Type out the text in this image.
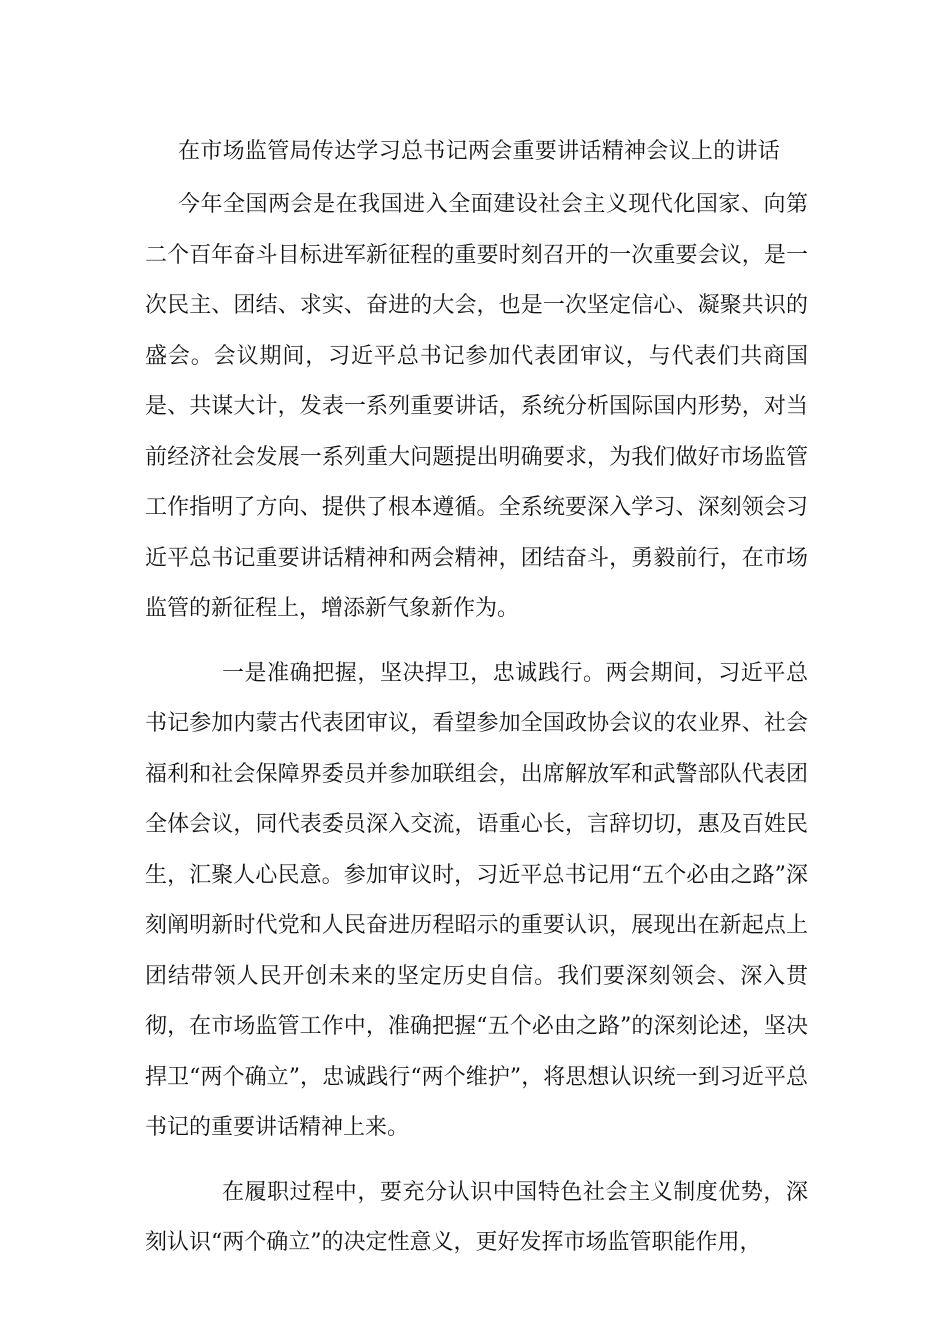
在市场监管局传达学习总书记两会重要讲话精神会议上的讲话

今年全国两会是在我国进入全面建设社会主义现代化国家、向第二个百年奋斗目标进军新征程的重要时刻召开的一次重要会议，是一次民主、团结、求实、奋进的大会，也是一次坚定信心、凝聚共识的盛会。会议期间，习近平总书记参加代表团审议，与代表们共商国是、共谋大计，发表一系列重要讲话，系统分析国际国内形势，对当前经济社会发展一系列重大问题提出明确要求，为我们做好市场监管工作指明了方向、提供了根本遵循。全系统要深入学习、深刻领会习近平总书记重要讲话精神和两会精神，团结奋斗，勇毅前行，在市场监管的新征程上，增添新气象新作为。

一是准确把握，坚决捍卫，忠诚践行。两会期间，习近平总书记参加内蒙古代表团审议，看望参加全国政协会议的农业界、社会福利和社会保障界委员并参加联组会，出席解放军和武警部队代表团全体会议，同代表委员深入交流，语重心长，言辞切切，惠及百姓民生，汇聚人心民意。参加审议时，习近平总书记用“五个必由之路”深刻阐明新时代党和人民奋进历程昭示的重要认识，展现出在新起点上团结带领人民开创未来的坚定历史自信。我们要深刻领会、深入贯彻，在市场监管工作中，准确把握“五个必由之路”的深刻论述，坚决捍卫“两个确立”，忠诚践行“两个维护”，将思想认识统一到习近平总书记的重要讲话精神上来。

在履职过程中，要充分认识中国特色社会主义制度优势，深刻认识“两个确立”的决定性意义，更好发挥市场监管职能作用，
